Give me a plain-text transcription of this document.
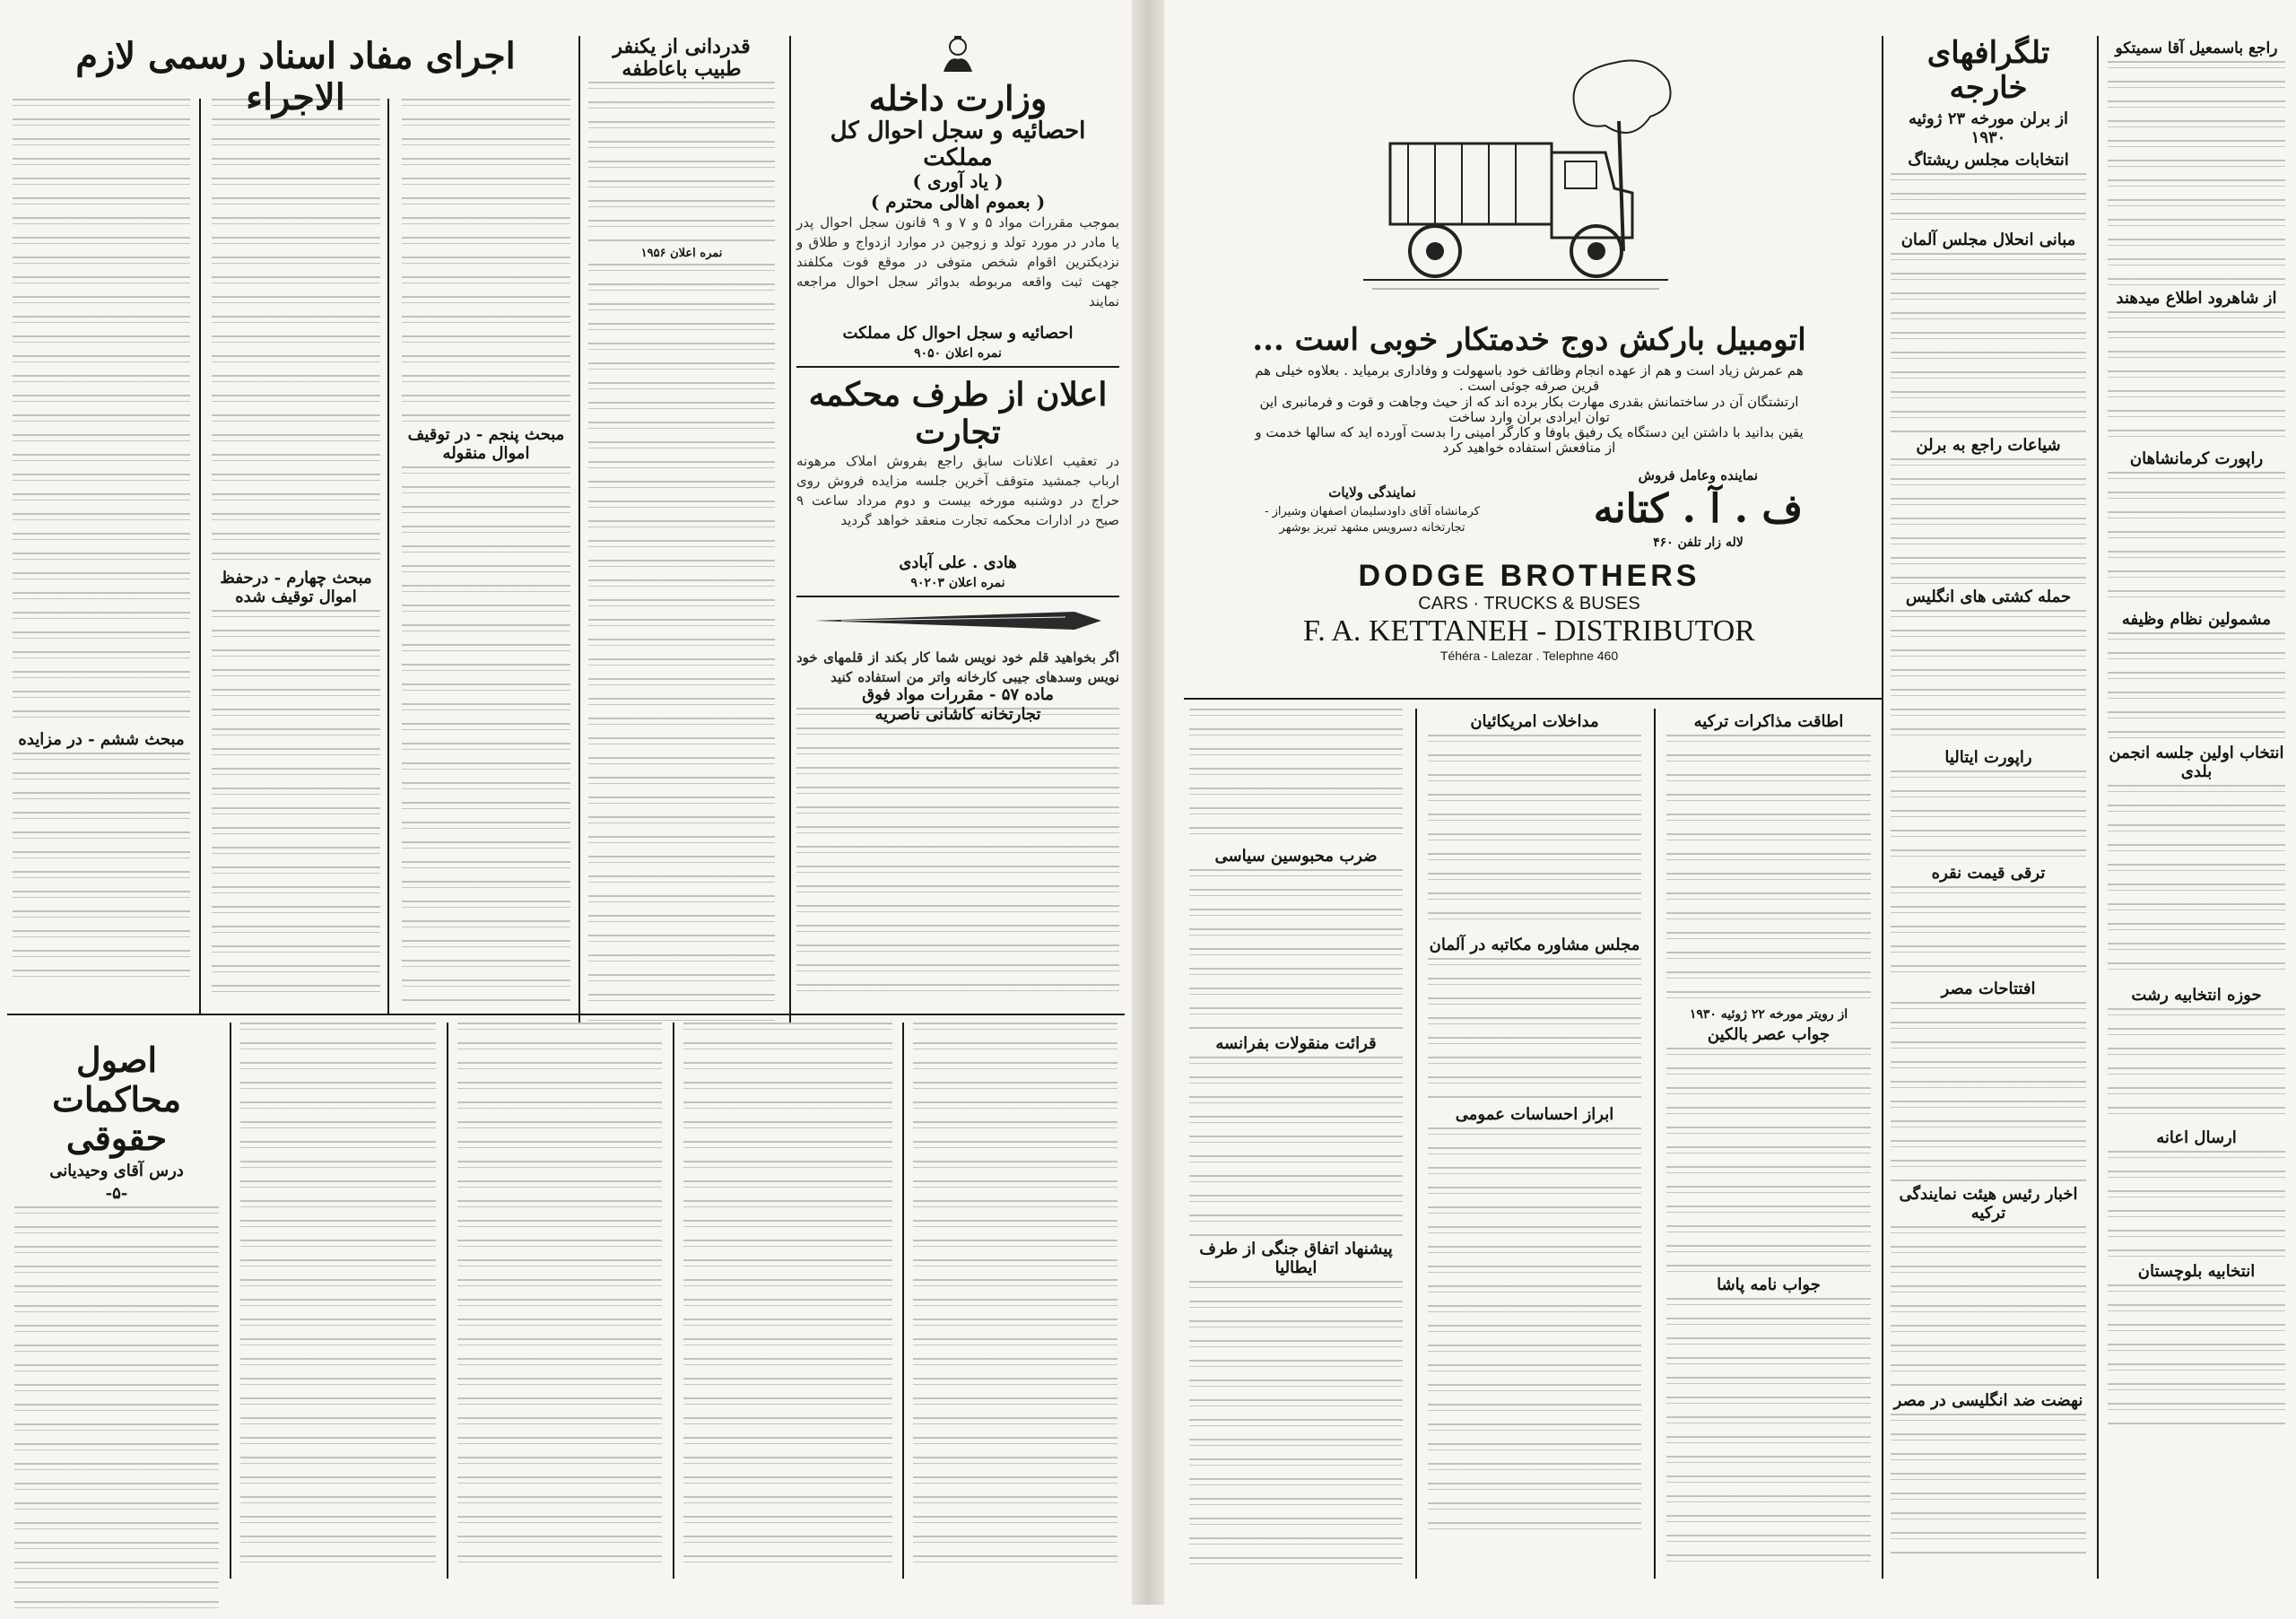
وزارت داخله
احصائیه و سجل احوال کل مملکت
( یاد آوری )
( بعموم اهالی محترم )
بموجب مقررات مواد ۵ و ۷ و ۹ قانون سجل احوال پدر یا مادر در مورد تولد و زوجین در موارد ازدواج و طلاق و نزدیکترین اقوام شخص متوفی در موقع فوت مکلفند جهت ثبت واقعه مربوطه بدوائر سجل احوال مراجعه نمایند
احصائیه و سجل احوال کل مملکت
نمره اعلان ۹۰۵۰
اعلان از طرف محکمه تجارت
در تعقیب اعلانات سابق راجع بفروش املاک مرهونه ارباب جمشید متوقف آخرین جلسه مزایده فروش روی حراج در دوشنبه مورخه بیست و دوم مرداد ساعت ۹ صبح در ادارات محکمه تجارت منعقد خواهد گردید
هادی . علی آبادی
نمره اعلان ۹۰۲۰۳
اگر بخواهید قلم خود نویس شما کار بکند از قلمهای خود نویس وسدهای جیبی کارخانه واتر من استفاده کنید
تجارتخانه کاشانی ناصریه
ماده ۵۷ - مقررات مواد فوق
قدردانی از یکنفر طبیب باعاطفه
نمره اعلان ۱۹۵۶
اجرای مفاد اسناد رسمی لازم الاجراء
مبحث پنجم - در توقیف اموال منقوله
مبحث چهارم - درحفظ اموال توقیف شده
مبحث ششم - در مزایده
اصول محاکمات حقوقی
درس آقای وحیدیانی
-۵-
راجع باسمعیل آقا سمیتکو
از شاهرود اطلاع میدهند
راپورت کرمانشاهان
مشمولین نظام وظیفه
انتخاب اولین جلسه انجمن بلدی
حوزه انتخابیه رشت
ارسال اعانه
انتخابیه بلوچستان
تلگرافهای خارجه
از برلن مورخه ۲۳ ژوئیه ۱۹۳۰
انتخابات مجلس ریشتاگ
مبانی انحلال مجلس آلمان
شیاعات راجع به برلن
حمله کشتی های انگلیس
راپورت ایتالیا
ترقی قیمت نقره
افتتاحات مصر
اخبار رئیس هیئت نمایندگی ترکیه
نهضت ضد انگلیسی در مصر
اتومبیل بارکش دوج خدمتکار خوبی است ...
هم عمرش زیاد است و هم از عهده انجام وظائف خود باسهولت و وفاداری برمیاید . بعلاوه خیلی هم
قرین صرفه جوئی است .
ارتشتگان آن در ساختمانش بقدری مهارت بکار برده اند که از حیث وجاهت و قوت و فرمانبری این
توان ایرادی بران وارد ساخت
یقین بدانید با داشتن این دستگاه یک رفیق باوفا و کارگر امینی را بدست آورده اید که سالها خدمت و
از منافعش استفاده خواهید کرد
نماینده وعامل فروش
ف . آ . کتانه
لاله زار تلفن ۴۶۰
نمایندگی ولایات
کرمانشاه آقای داودسلیمان اصفهان وشیراز - تجارتخانه دسرویس مشهد تبریز بوشهر
DODGE BROTHERS
CARS · TRUCKS & BUSES
F. A. KETTANEH - DISTRIBUTOR
Téhéra - Lalezar . Telephne 460
ضرب محبوسین سیاسی
قرائت منقولات بفرانسه
پیشنهاد اتفاق جنگی از طرف ایطالیا
مداخلات امریکائیان
مجلس مشاوره مکاتبه در آلمان
ابراز احساسات عمومی
اطاقت مذاکرات ترکیه
از رویتر مورخه ۲۲ ژوئیه ۱۹۳۰
جواب عصر بالکین
جواب نامه پاشا
